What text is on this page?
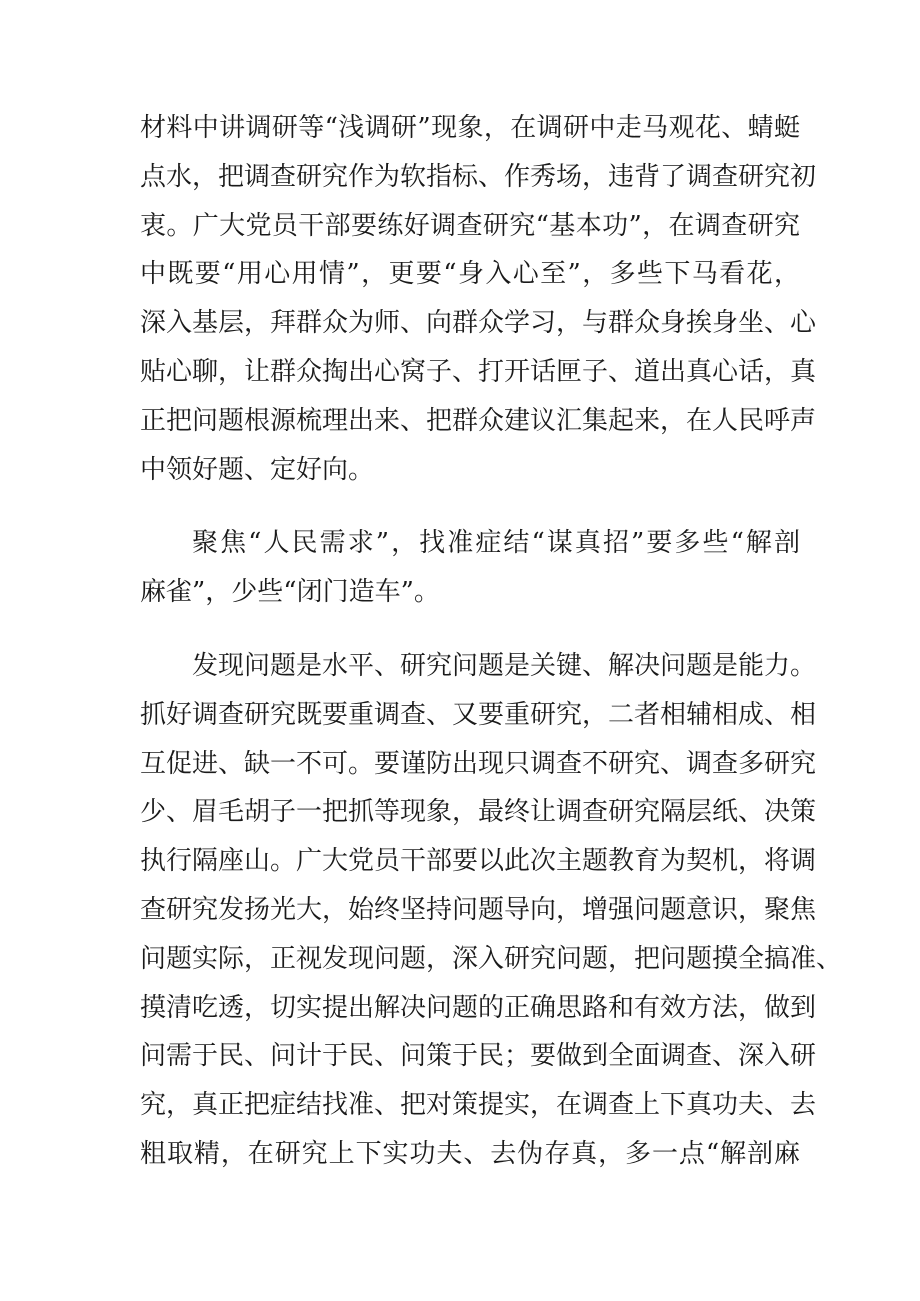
材料中讲调研等“浅调研”现象，在调研中走马观花、蜻蜓
点水，把调查研究作为软指标、作秀场，违背了调查研究初
衷。广大党员干部要练好调查研究“基本功”，在调查研究
中既要“用心用情”，更要“身入心至”，多些下马看花，
深入基层，拜群众为师、向群众学习，与群众身挨身坐、心
贴心聊，让群众掏出心窝子、打开话匣子、道出真心话，真
正把问题根源梳理出来、把群众建议汇集起来，在人民呼声
中领好题、定好向。
聚焦“人民需求”，找准症结“谋真招”要多些“解剖
麻雀”，少些“闭门造车”。
发现问题是水平、研究问题是关键、解决问题是能力。
抓好调查研究既要重调查、又要重研究，二者相辅相成、相
互促进、缺一不可。要谨防出现只调查不研究、调查多研究
少、眉毛胡子一把抓等现象，最终让调查研究隔层纸、决策
执行隔座山。广大党员干部要以此次主题教育为契机，将调
查研究发扬光大，始终坚持问题导向，增强问题意识，聚焦
问题实际，正视发现问题，深入研究问题，把问题摸全搞准、
摸清吃透，切实提出解决问题的正确思路和有效方法，做到
问需于民、问计于民、问策于民；要做到全面调查、深入研
究，真正把症结找准、把对策提实，在调查上下真功夫、去
粗取精，在研究上下实功夫、去伪存真，多一点“解剖麻
